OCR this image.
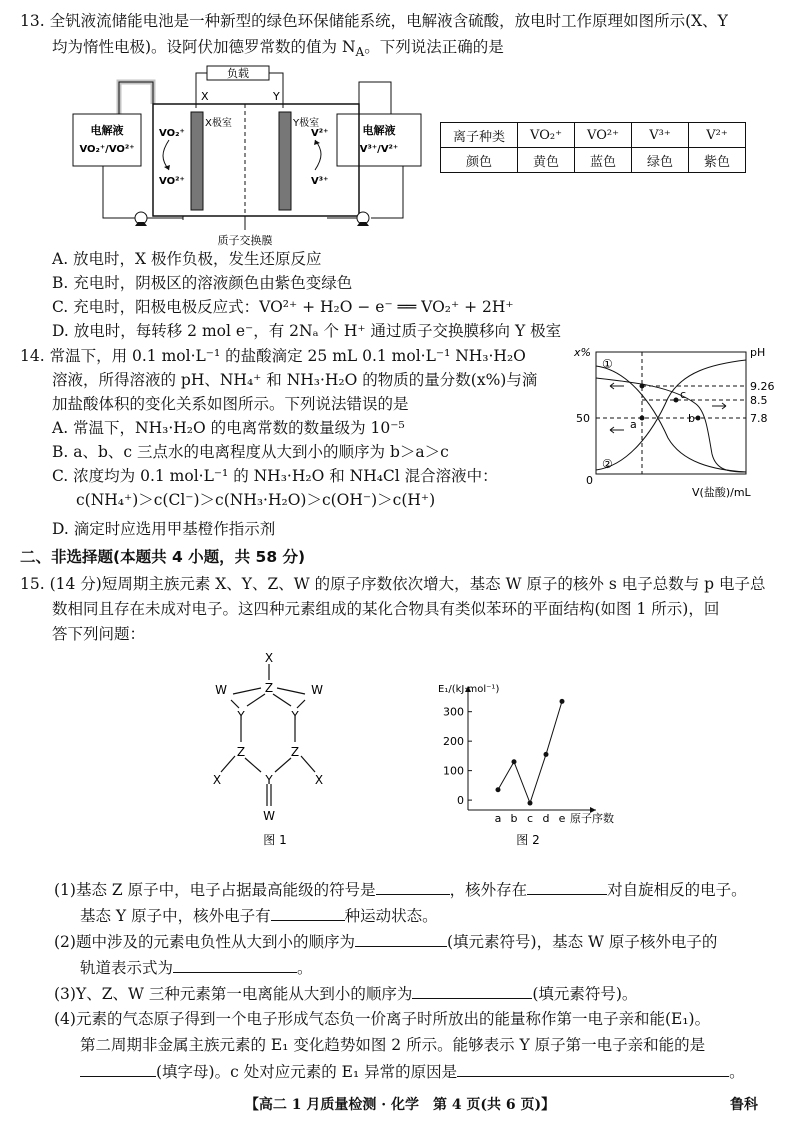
13. 全钒液流储能电池是一种新型的绿色环保储能系统，电解液含硫酸，放电时工作原理如图所示(X、Y
均为惰性电极)。设阿伏加德罗常数的值为 $N_A$。下列说法正确的是
负载
X	Y
X极室	Y极室
电解液
VO₂⁺/VO²⁺
电解液
V³⁺/V²⁺
VO₂⁺
VO²⁺
V²⁺
V³⁺
质子交换膜
离子种类	VO₂⁺	VO²⁺	V³⁺	V²⁺
颜色	黄色	蓝色	绿色	紫色
A. 放电时，X 极作负极，发生还原反应
B. 充电时，阴极区的溶液颜色由紫色变绿色
C. 充电时，阳极电极反应式：VO²⁺ + H₂O − e⁻ ══ VO₂⁺ + 2H⁺
D. 放电时，每转移 2 mol e⁻，有 2Nₐ 个 H⁺ 通过质子交换膜移向 Y 极室
14. 常温下，用 0.1 mol·L⁻¹ 的盐酸滴定 25 mL 0.1 mol·L⁻¹ NH₃·H₂O
溶液，所得溶液的 pH、NH₄⁺ 和 NH₃·H₂O 的物质的量分数(x%)与滴
加盐酸体积的变化关系如图所示。下列说法错误的是
A. 常温下，NH₃·H₂O 的电离常数的数量级为 10⁻⁵
B. a、b、c 三点水的电离程度从大到小的顺序为 b＞a＞c
C. 浓度均为 0.1 mol·L⁻¹ 的 NH₃·H₂O 和 NH₄Cl 混合溶液中：
c(NH₄⁺)＞c(Cl⁻)＞c(NH₃·H₂O)＞c(OH⁻)＞c(H⁺)
D. 滴定时应选用甲基橙作指示剂
x%	pH
①
②
50
0
V(盐酸)/mL
9.26
8.5
7.8
a	b
c
二、非选择题(本题共 4 小题，共 58 分)
15. (14 分)短周期主族元素 X、Y、Z、W 的原子序数依次增大，基态 W 原子的核外 s 电子总数与 p 电子总
数相同且存在未成对电子。这四种元素组成的某化合物具有类似苯环的平面结构(如图 1 所示)，回
答下列问题：
X
Z
W	W
Y	Y
Z	Z
X	X
Y
W
图 1
E₁/(kJ·mol⁻¹)
原子序数
0
100
200
300
a b c d e
图 2
(1)基态 Z 原子中，电子占据最高能级的符号是	，核外存在	对自旋相反的电子。
基态 Y 原子中，核外电子有	种运动状态。
(2)题中涉及的元素电负性从大到小的顺序为	(填元素符号)，基态 W 原子核外电子的
轨道表示式为	。
(3)Y、Z、W 三种元素第一电离能从大到小的顺序为	(填元素符号)。
(4)元素的气态原子得到一个电子形成气态负一价离子时所放出的能量称作第一电子亲和能(E₁)。
第二周期非金属主族元素的 E₁ 变化趋势如图 2 所示。能够表示 Y 原子第一电子亲和能的是
(填字母)。c 处对应元素的 E₁ 异常的原因是	。
【高二 1 月质量检测 · 化学　第 4 页(共 6 页)】	鲁科
